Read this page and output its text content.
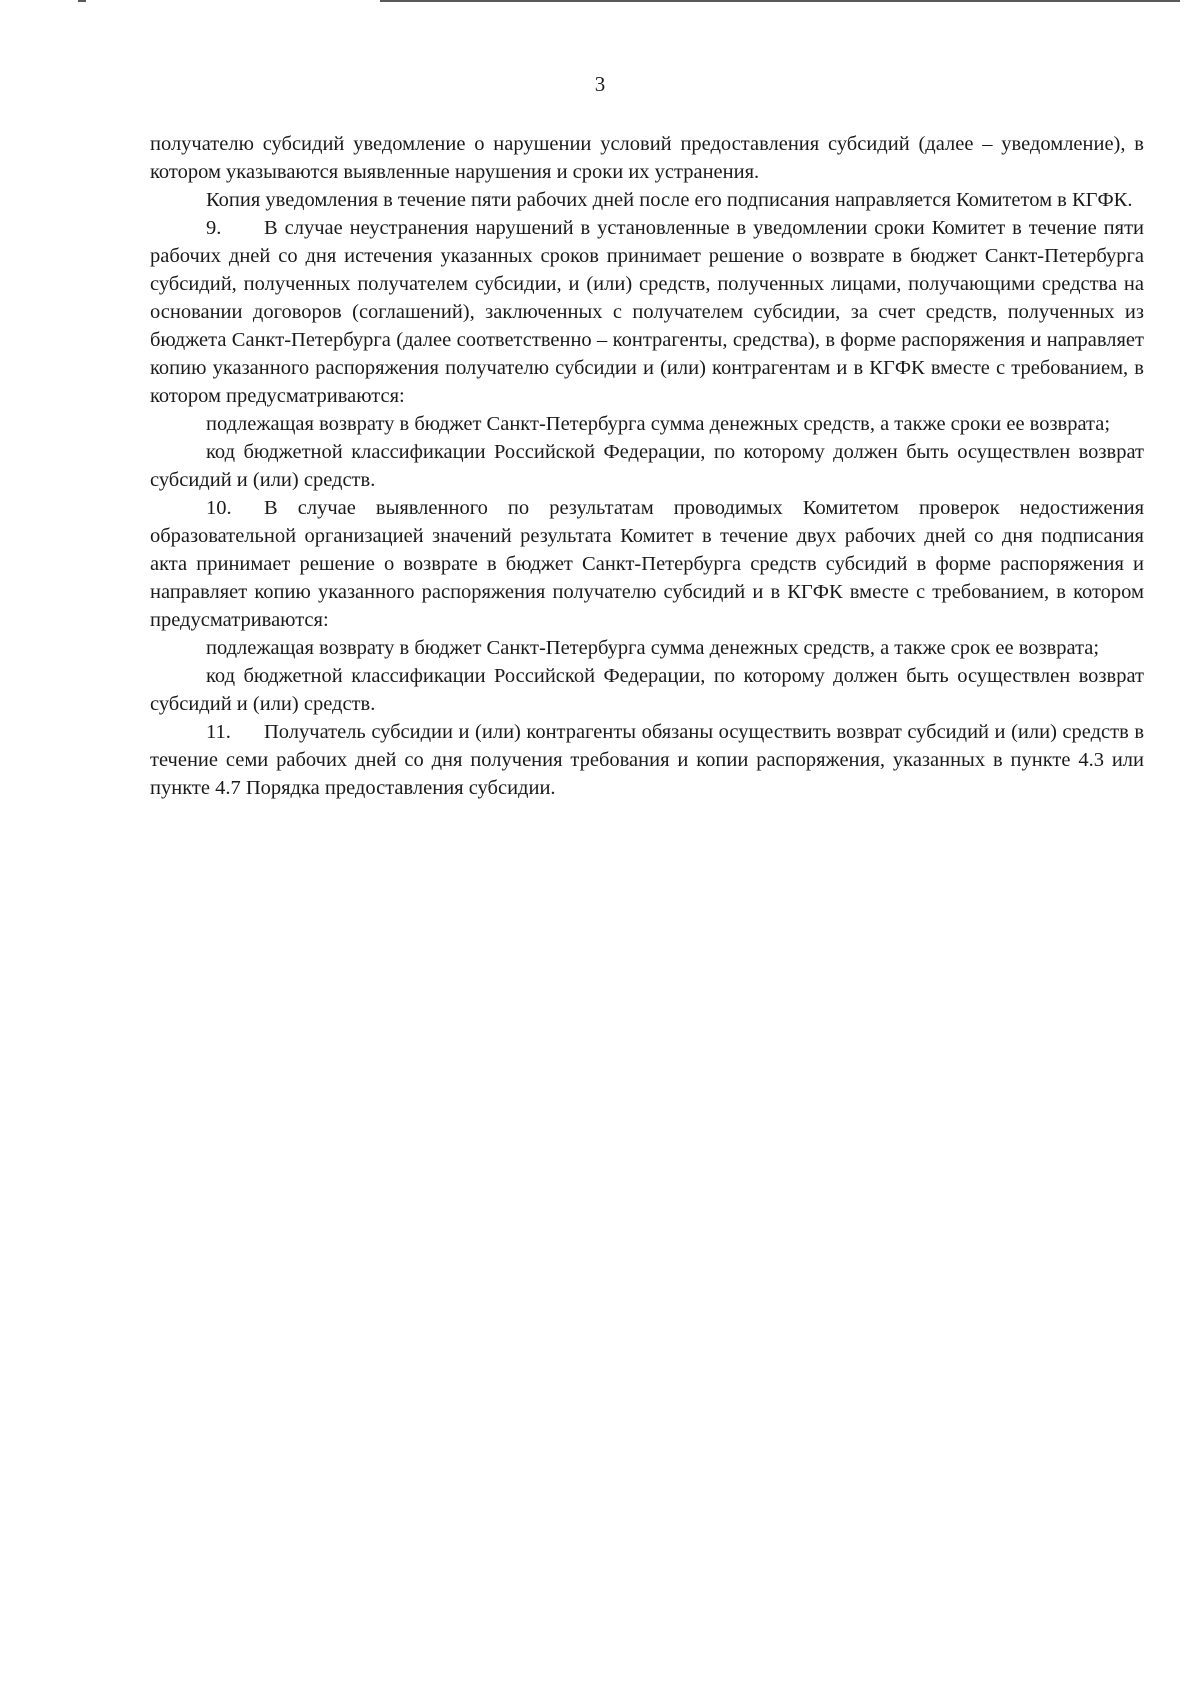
3

получателю субсидий уведомление о нарушении условий предоставления субсидий (далее – уведомление), в котором указываются выявленные нарушения и сроки их устранения.

Копия уведомления в течение пяти рабочих дней после его подписания направляется Комитетом в КГФК.

9. В случае неустранения нарушений в установленные в уведомлении сроки Комитет в течение пяти рабочих дней со дня истечения указанных сроков принимает решение о возврате в бюджет Санкт-Петербурга субсидий, полученных получателем субсидии, и (или) средств, полученных лицами, получающими средства на основании договоров (соглашений), заключенных с получателем субсидии, за счет средств, полученных из бюджета Санкт-Петербурга (далее соответственно – контрагенты, средства), в форме распоряжения и направляет копию указанного распоряжения получателю субсидии и (или) контрагентам и в КГФК вместе с требованием, в котором предусматриваются:

подлежащая возврату в бюджет Санкт-Петербурга сумма денежных средств, а также сроки ее возврата;

код бюджетной классификации Российской Федерации, по которому должен быть осуществлен возврат субсидий и (или) средств.

10. В случае выявленного по результатам проводимых Комитетом проверок недостижения образовательной организацией значений результата Комитет в течение двух рабочих дней со дня подписания акта принимает решение о возврате в бюджет Санкт-Петербурга средств субсидий в форме распоряжения и направляет копию указанного распоряжения получателю субсидий и в КГФК вместе с требованием, в котором предусматриваются:

подлежащая возврату в бюджет Санкт-Петербурга сумма денежных средств, а также срок ее возврата;

код бюджетной классификации Российской Федерации, по которому должен быть осуществлен возврат субсидий и (или) средств.

11. Получатель субсидии и (или) контрагенты обязаны осуществить возврат субсидий и (или) средств в течение семи рабочих дней со дня получения требования и копии распоряжения, указанных в пункте 4.3 или пункте 4.7 Порядка предоставления субсидии.
